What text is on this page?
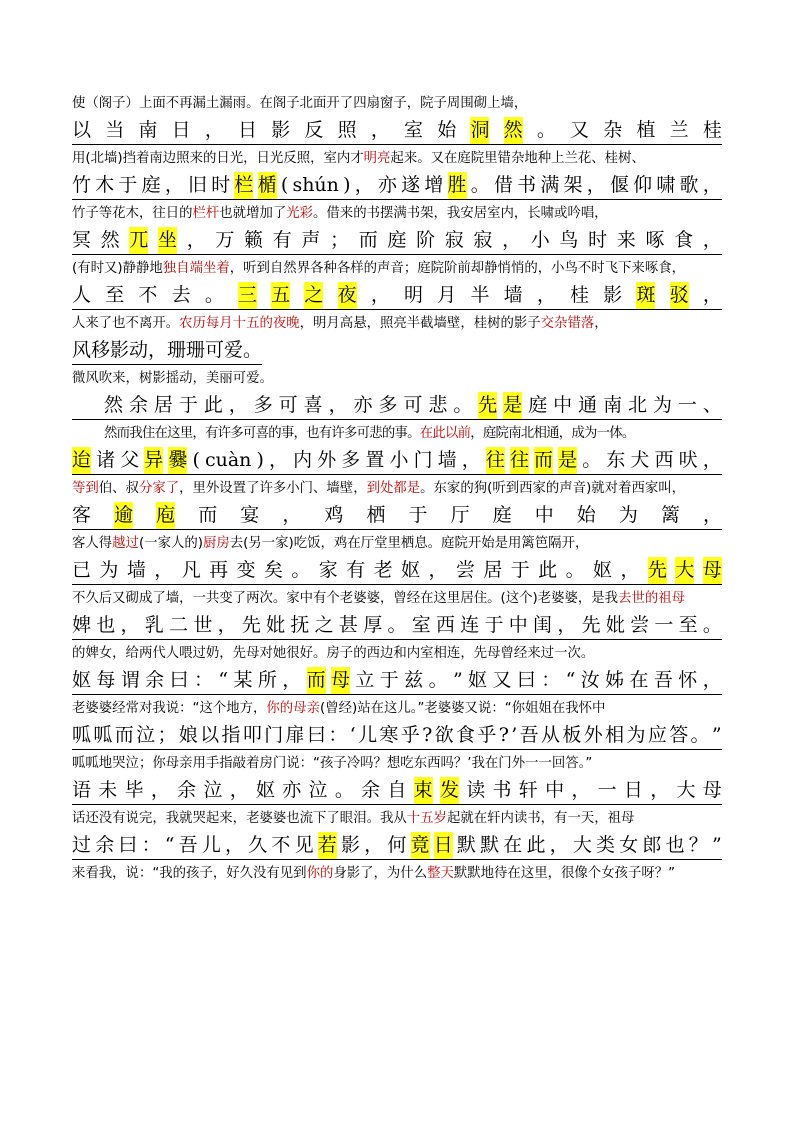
使（阁子）上面不再漏土漏雨。在阁子北面开了四扇窗子，院子周围砌上墙，
以 当 南 日 ， 日 影 反 照 ， 室 始 洞 然 。 又 杂 植 兰 桂
用(北墙)挡着南边照来的日光，日光反照，室内才 明亮 起来。又在庭院里错杂地种上兰花、桂树、
竹 木 于 庭 ， 旧 时 栏 楯 ( shún ) ， 亦 遂 增 胜 。 借 书 满 架 ， 偃 仰 啸 歌 ，
竹子等花木，往日的 栏杆 也就增加了 光彩 。借来的书摆满书架，我安居室内，长啸或吟唱，
冥 然 兀 坐 ， 万 籁 有 声 ； 而 庭 阶 寂 寂 ， 小 鸟 时 来 啄 食 ，
(有时又)静静地 独自端坐着 ，听到自然界各种各样的声音；庭院阶前却静悄悄的，小鸟不时飞下来啄食，
人 至 不 去 。 三 五 之 夜 ， 明 月 半 墙 ， 桂 影 斑 驳 ，
人来了也不离开。 农历每月十五的夜晚 ，明月高悬，照亮半截墙壁，桂树的影子 交杂错落 ，
风移影动，珊珊可爱。
微风吹来，树影摇动，美丽可爱。
然 余 居 于 此 ， 多 可 喜 ， 亦 多 可 悲 。 先 是 庭 中 通 南 北 为 一 、
然而我住在这里，有许多可喜的事，也有许多可悲的事。 在此以前 ，庭院南北相通，成为一体。
迨 诸 父 异 爨 ( cuàn ) ， 内 外 多 置 小 门 墙 ， 往 往 而 是 。 东 犬 西 吠 ，
等到 伯、叔 分家了 ，里外设置了许多小门、墙壁， 到处都是 。东家的狗(听到西家的声音)就对着西家叫，
客 逾 庖 而 宴 ， 鸡 栖 于 厅 庭 中 始 为 篱 ，
客人得 越过 (一家人的) 厨房 去(另一家)吃饭，鸡在厅堂里栖息。庭院开始是用篱笆隔开，
已 为 墙 ， 凡 再 变 矣 。 家 有 老 妪 ， 尝 居 于 此 。 妪 ， 先 大 母
不久后又砌成了墙，一共变了两次。家中有个老婆婆，曾经在这里居住。(这个)老婆婆，是我 去世的祖母
婢 也 ， 乳 二 世 ， 先 妣 抚 之 甚 厚 。 室 西 连 于 中 闺 ， 先 妣 尝 一 至 。
的婢女，给两代人喂过奶，先母对她很好。房子的西边和内室相连，先母曾经来过一次。
妪 每 谓 余 曰 ： “ 某 所 ， 而 母 立 于 兹 。 ” 妪 又 曰 ： “ 汝 姊 在 吾 怀 ，
老婆婆经常对我说：“这个地方， 你的母亲 (曾经)站在这儿。”老婆婆又说：“你姐姐在我怀中
呱 呱 而 泣 ； 娘 以 指 叩 门 扉 曰 ： ‘ 儿 寒 乎 ? 欲 食 乎 ? ’ 吾 从 板 外 相 为 应 答 。 ”
呱呱地哭泣；你母亲用手指敲着房门说：“孩子冷吗？想吃东西吗？’我在门外一一回答。”
语 未 毕 ， 余 泣 ， 妪 亦 泣 。 余 自 束 发 读 书 轩 中 ， 一 日 ， 大 母
话还没有说完，我就哭起来，老婆婆也流下了眼泪。我从 十五岁 起就在轩内读书，有一天，祖母
过 余 曰 ： “ 吾 儿 ， 久 不 见 若 影 ， 何 竟 日 默 默 在 此 ， 大 类 女 郎 也 ？ ”
来看我，说：“我的孩子，好久没有见到 你的 身影了，为什么 整天 默默地待在这里，很像个女孩子呀？”
